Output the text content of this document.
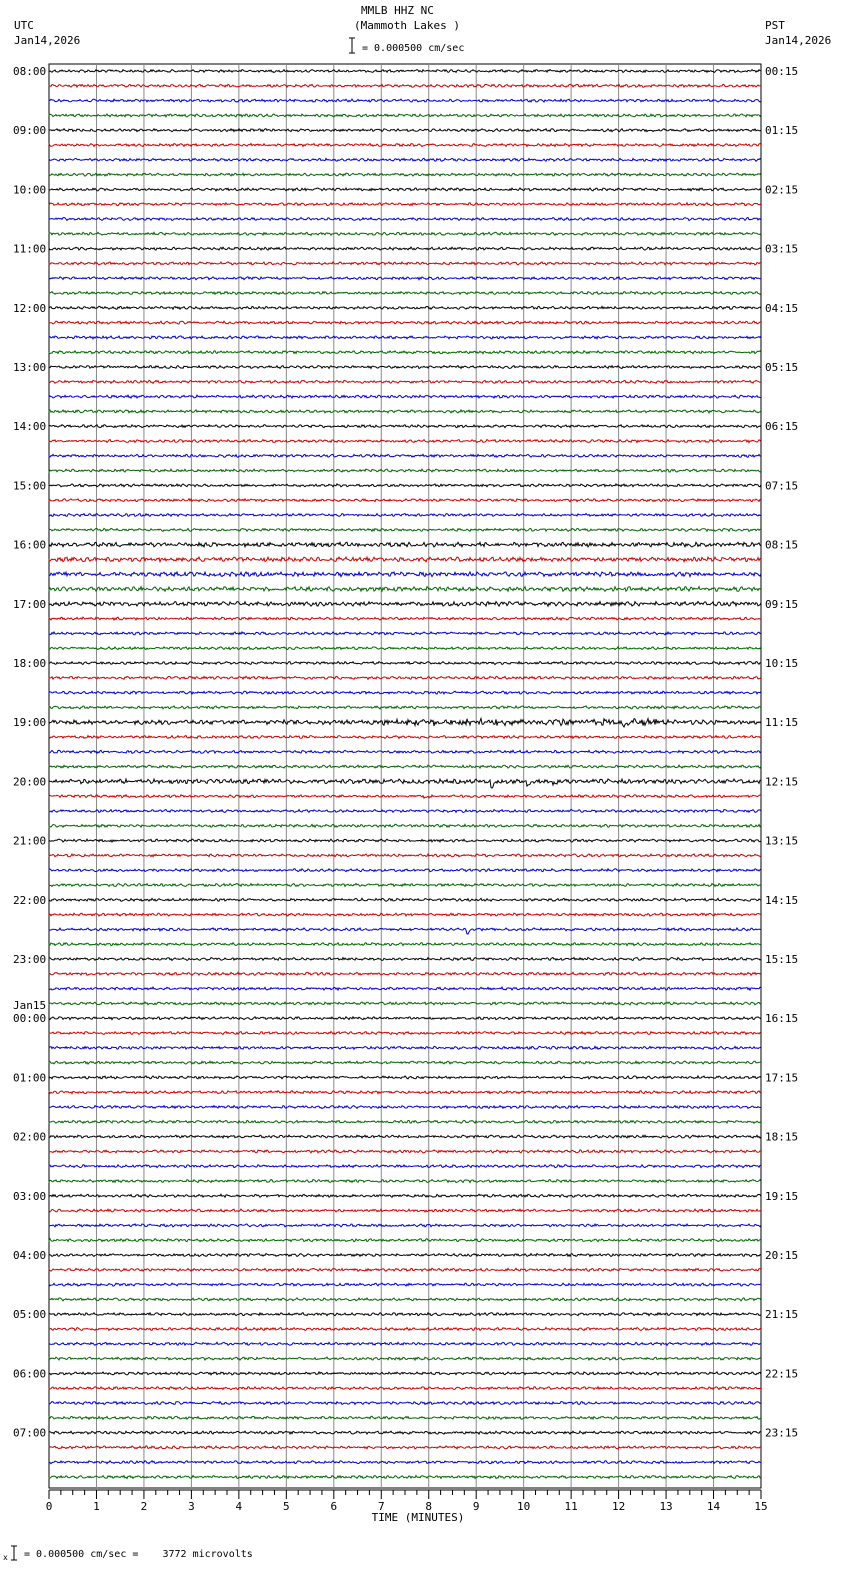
MMLB HHZ NC
(Mammoth Lakes )
UTC
Jan14,2026
PST
Jan14,2026
= 0.000500 cm/sec
x = 0.000500 cm/sec =    3772 microvolts
0	1	2	3	4	5	6	7	8	9	10	11	12	13	14	15
TIME (MINUTES)
08:00	00:15
09:00	01:15
10:00	02:15
11:00	03:15
12:00	04:15
13:00	05:15
14:00	06:15
15:00	07:15
16:00	08:15
17:00	09:15
18:00	10:15
19:00	11:15
20:00	12:15
21:00	13:15
22:00	14:15
23:00	15:15
00:00	16:15
Jan15
01:00	17:15
02:00	18:15
03:00	19:15
04:00	20:15
05:00	21:15
06:00	22:15
07:00	23:15
